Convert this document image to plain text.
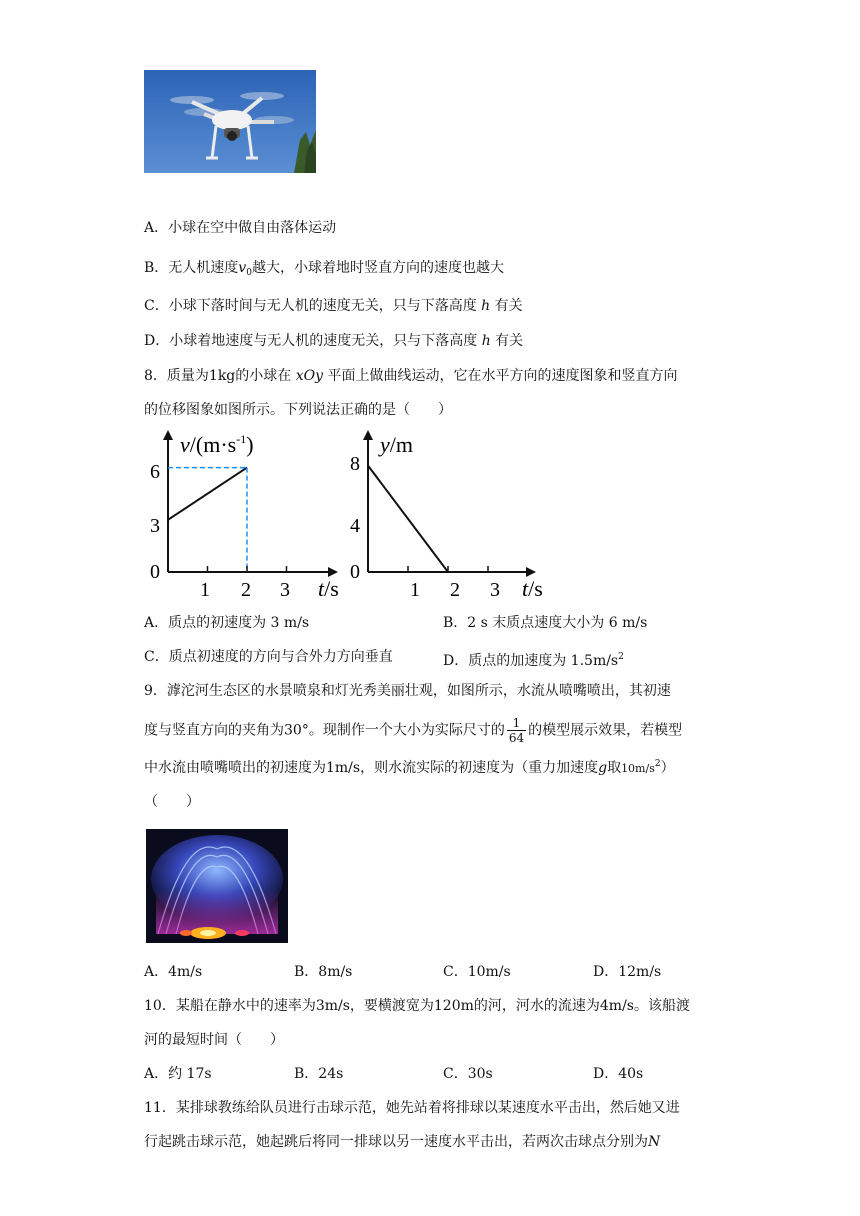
A．小球在空中做自由落体运动
B．无人机速度$v_0$越大，小球着地时竖直方向的速度也越大
C．小球下落时间与无人机的速度无关，只与下落高度 h 有关
D．小球着地速度与无人机的速度无关，只与下落高度 h 有关
8．质量为1kg的小球在 xOy 平面上做曲线运动，它在水平方向的速度图象和竖直方向
的位移图象如图所示。下列说法正确的是（　　）
$v/(m\cdot s^{-1})$
6
3
0
1 2 3 t/s
y/m
8
4
0
1 2 3 t/s
A．质点的初速度为 3 m/s	B．2 s 末质点速度大小为 6 m/s
C．质点初速度的方向与合外力方向垂直	D．质点的加速度为 $1.5m/s^2$
9．滹沱河生态区的水景喷泉和灯光秀美丽壮观，如图所示，水流从喷嘴喷出，其初速
度与竖直方向的夹角为30°。现制作一个大小为实际尺寸的 $\frac{1}{64}$ 的模型展示效果，若模型
中水流由喷嘴喷出的初速度为1m/s，则水流实际的初速度为（重力加速度g取$10m/s^2$）
（　　）
A．4m/s	B．8m/s	C．10m/s	D．12m/s
10．某船在静水中的速率为3m/s，要横渡宽为120m的河，河水的流速为4m/s。该船渡
河的最短时间（　　）
A．约 17s	B．24s	C．30s	D．40s
11．某排球教练给队员进行击球示范，她先站着将排球以某速度水平击出，然后她又进
行起跳击球示范，她起跳后将同一排球以另一速度水平击出，若两次击球点分别为N
